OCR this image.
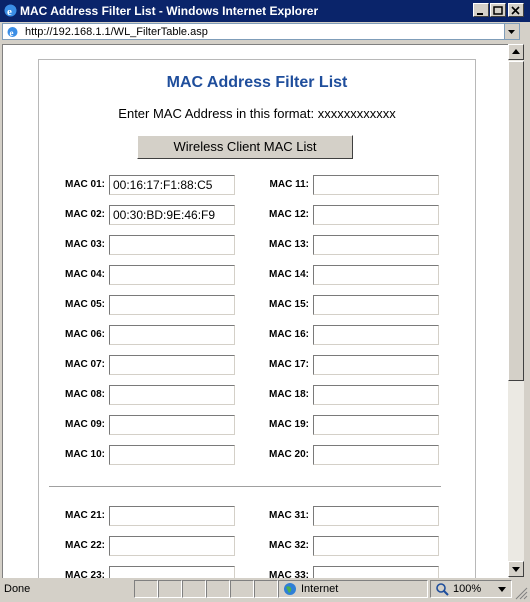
e MAC Address Filter List - Windows Internet Explorer
e http://192.168.1.1/WL_FilterTable.asp
MAC Address Filter List
Enter MAC Address in this format: xxxxxxxxxxxx
Wireless Client MAC List
MAC 01: 00:16:17:F1:88:C5
MAC 02: 00:30:BD:9E:46:F9
MAC 03:
MAC 04:
MAC 05:
MAC 06:
MAC 07:
MAC 08:
MAC 09:
MAC 10:
MAC 11:
MAC 12:
MAC 13:
MAC 14:
MAC 15:
MAC 16:
MAC 17:
MAC 18:
MAC 19:
MAC 20:
MAC 21:
MAC 22:
MAC 23:
MAC 31:
MAC 32:
MAC 33:
Done	Internet	100%
